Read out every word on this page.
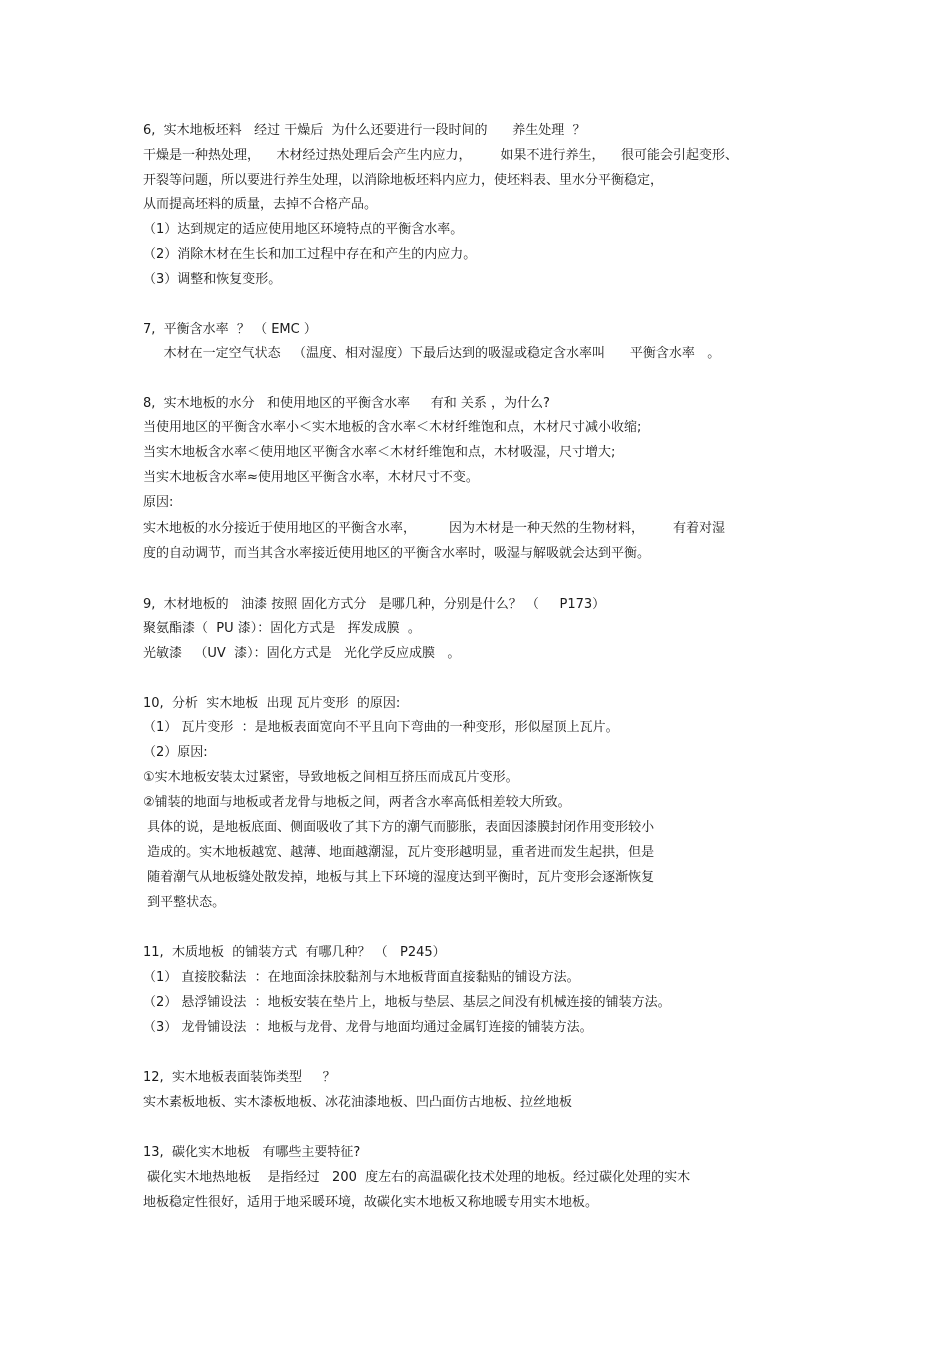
6,  实木地板坯料   经过 干燥后  为什么还要进行一段时间的      养生处理  ？

干燥是一种热处理，    木材经过热处理后会产生内应力，       如果不进行养生，    很可能会引起变形、

开裂等问题，所以要进行养生处理，以消除地板坯料内应力，使坯料表、里水分平衡稳定，

从而提高坯料的质量，去掉不合格产品。

（1）达到规定的适应使用地区环境特点的平衡含水率。

（2）消除木材在生长和加工过程中存在和产生的内应力。

（3）调整和恢复变形。

7,  平衡含水率  ？ （ EMC ）

木材在一定空气状态   （温度、相对湿度）下最后达到的吸湿或稳定含水率叫      平衡含水率   。

8,  实木地板的水分   和使用地区的平衡含水率     有和 关系 ，为什么?

当使用地区的平衡含水率小＜实木地板的含水率＜木材纤维饱和点，木材尺寸减小收缩;

当实木地板含水率＜使用地区平衡含水率＜木材纤维饱和点，木材吸湿，尺寸增大;

当实木地板含水率≈使用地区平衡含水率，木材尺寸不变。

原因:

实木地板的水分接近于使用地区的平衡含水率，        因为木材是一种天然的生物材料，       有着对湿

度的自动调节，而当其含水率接近使用地区的平衡含水率时，吸湿与解吸就会达到平衡。

9,  木材地板的   油漆 按照 固化方式分   是哪几种，分别是什么？ （     P173）

聚氨酯漆（  PU 漆）：固化方式是   挥发成膜  。

光敏漆   （UV  漆）：固化方式是   光化学反应成膜   。

10,  分析  实木地板  出现 瓦片变形  的原因:

（1） 瓦片变形  ：是地板表面宽向不平且向下弯曲的一种变形，形似屋顶上瓦片。

（2）原因:

①实木地板安装太过紧密，导致地板之间相互挤压而成瓦片变形。

②铺装的地面与地板或者龙骨与地板之间，两者含水率高低相差较大所致。

具体的说，是地板底面、侧面吸收了其下方的潮气而膨胀，表面因漆膜封闭作用变形较小

造成的。实木地板越宽、越薄、地面越潮湿，瓦片变形越明显，重者进而发生起拱，但是

随着潮气从地板缝处散发掉，地板与其上下环境的湿度达到平衡时，瓦片变形会逐渐恢复

到平整状态。

11,  木质地板  的铺装方式  有哪几种？ （   P245）

（1） 直接胶黏法  ：在地面涂抹胶黏剂与木地板背面直接黏贴的铺设方法。

（2） 悬浮铺设法  ：地板安装在垫片上，地板与垫层、基层之间没有机械连接的铺装方法。

（3） 龙骨铺设法  ：地板与龙骨、龙骨与地面均通过金属钉连接的铺装方法。

12,  实木地板表面装饰类型     ？

实木素板地板、实木漆板地板、冰花油漆地板、凹凸面仿古地板、拉丝地板

13,  碳化实木地板   有哪些主要特征?

碳化实木地热地板    是指经过   200  度左右的高温碳化技术处理的地板。经过碳化处理的实木

地板稳定性很好，适用于地采暖环境，故碳化实木地板又称地暖专用实木地板。
